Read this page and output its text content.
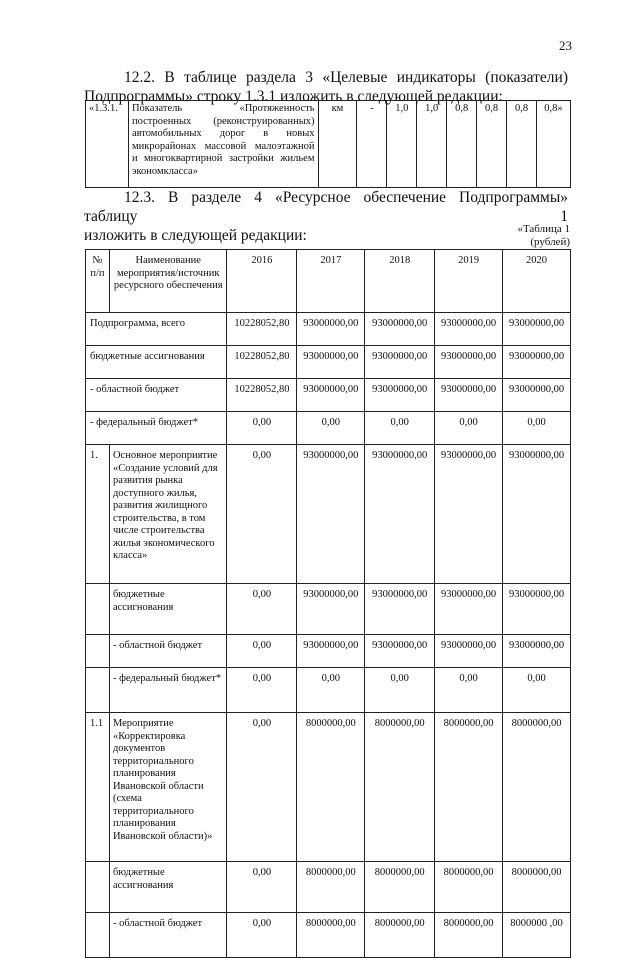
23
12.2. В таблице раздела 3 «Целевые индикаторы (показатели)
Подпрограммы» строку 1.3.1 изложить в следующей редакции:
«1.3.1.	Показатель «Протяженность
построенных (реконструированных)
автомобильных дорог в новых
микрорайонах массовой малоэтажной
и многоквартирной застройки жильем
экономкласса»	км	-	1,0	1,0	0,8	0,8	0,8	0,8»
12.3. В разделе 4 «Ресурсное обеспечение Подпрограммы» таблицу 1
изложить в следующей редакции:	«Таблица 1
(рублей)
№ п/п	Наименование мероприятия/источник ресурсного обеспечения	2016	2017	2018	2019	2020
Подпрограмма, всего		10228052,80	93000000,00	93000000,00	93000000,00	93000000,00
бюджетные ассигнования		10228052,80	93000000,00	93000000,00	93000000,00	93000000,00
- областной бюджет		10228052,80	93000000,00	93000000,00	93000000,00	93000000,00
- федеральный бюджет*		0,00	0,00	0,00	0,00	0,00
1.	Основное мероприятие «Создание условий для развития рынка доступного жилья, развития жилищного строительства, в том числе строительства жилья экономического класса»	0,00	93000000,00	93000000,00	93000000,00	93000000,00
	бюджетные ассигнования	0,00	93000000,00	93000000,00	93000000,00	93000000,00
	- областной бюджет	0,00	93000000,00	93000000,00	93000000,00	93000000,00
	- федеральный бюджет*	0,00	0,00	0,00	0,00	0,00
1.1	Мероприятие «Корректировка документов территориального планирования Ивановской области (схема территориального планирования Ивановской области)»	0,00	8000000,00	8000000,00	8000000,00	8000000,00
	бюджетные ассигнования	0,00	8000000,00	8000000,00	8000000,00	8000000,00
	- областной бюджет	0,00	8000000,00	8000000,00	8000000,00	8000000 ,00
